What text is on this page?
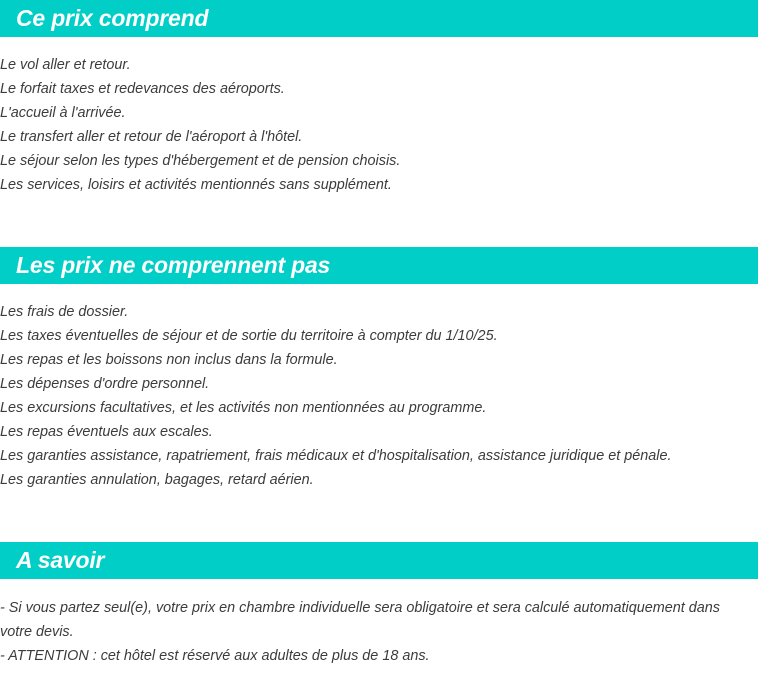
Ce prix comprend
Le vol aller et retour.
Le forfait taxes et redevances des aéroports.
L'accueil à l'arrivée.
Le transfert aller et retour de l'aéroport à l'hôtel.
Le séjour selon les types d'hébergement et de pension choisis.
Les services, loisirs et activités mentionnés sans supplément.
Les prix ne comprennent pas
Les frais de dossier.
Les taxes éventuelles de séjour et de sortie du territoire à compter du 1/10/25.
Les repas et les boissons non inclus dans la formule.
Les dépenses d'ordre personnel.
Les excursions facultatives, et les activités non mentionnées au programme.
Les repas éventuels aux escales.
Les garanties assistance, rapatriement, frais médicaux et d'hospitalisation, assistance juridique et pénale.
Les garanties annulation, bagages, retard aérien.
A savoir

- Si vous partez seul(e), votre prix en chambre individuelle sera obligatoire et sera calculé automatiquement dans votre devis.

- ATTENTION : cet hôtel est réservé aux adultes de plus de 18 ans.
